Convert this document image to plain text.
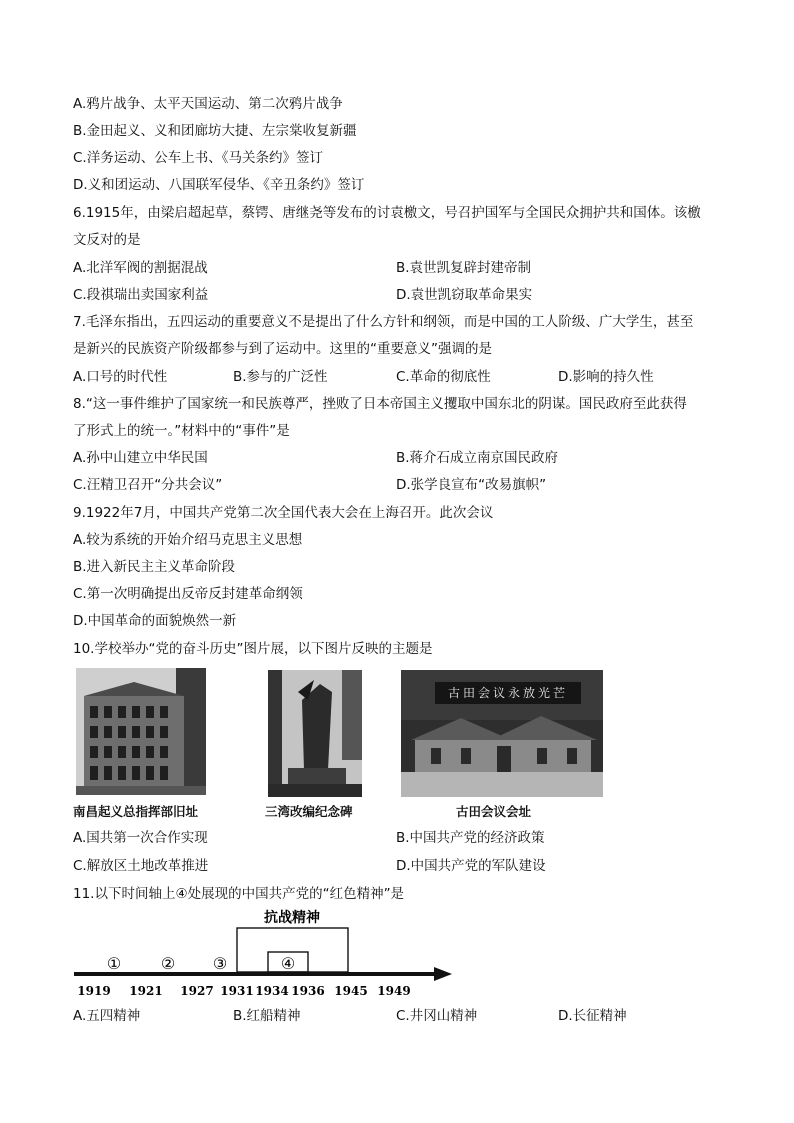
A.鸦片战争、太平天国运动、第二次鸦片战争
B.金田起义、义和团廊坊大捷、左宗棠收复新疆
C.洋务运动、公车上书、《马关条约》签订
D.义和团运动、八国联军侵华、《辛丑条约》签订
6.1915年，由梁启超起草，蔡锷、唐继尧等发布的讨袁檄文，号召护国军与全国民众拥护共和国体。该檄
文反对的是
A.北洋军阀的割据混战	B.袁世凯复辟封建帝制
C.段祺瑞出卖国家利益	D.袁世凯窃取革命果实
7.毛泽东指出，五四运动的重要意义不是提出了什么方针和纲领，而是中国的工人阶级、广大学生，甚至
是新兴的民族资产阶级都参与到了运动中。这里的“重要意义”强调的是
A.口号的时代性	B.参与的广泛性	C.革命的彻底性	D.影响的持久性
8.“这一事件维护了国家统一和民族尊严，挫败了日本帝国主义攫取中国东北的阴谋。国民政府至此获得
了形式上的统一。”材料中的“事件”是
A.孙中山建立中华民国	B.蒋介石成立南京国民政府
C.汪精卫召开“分共会议”	D.张学良宣布“改易旗帜”
9.1922年7月，中国共产党第二次全国代表大会在上海召开。此次会议
A.较为系统的开始介绍马克思主义思想
B.进入新民主主义革命阶段
C.第一次明确提出反帝反封建革命纲领
D.中国革命的面貌焕然一新
10.学校举办“党的奋斗历史”图片展，以下图片反映的主题是
南昌起义总指挥部旧址	三湾改编纪念碑
古田会议永放光芒
古田会议会址
A.国共第一次合作实现	B.中国共产党的经济政策
C.解放区土地改革推进	D.中国共产党的军队建设
11.以下时间轴上④处展现的中国共产党的“红色精神”是
抗战精神
① ② ③	④
1919 1921 1927 1931 1934 1936 1945 1949
A.五四精神	B.红船精神	C.井冈山精神	D.长征精神
